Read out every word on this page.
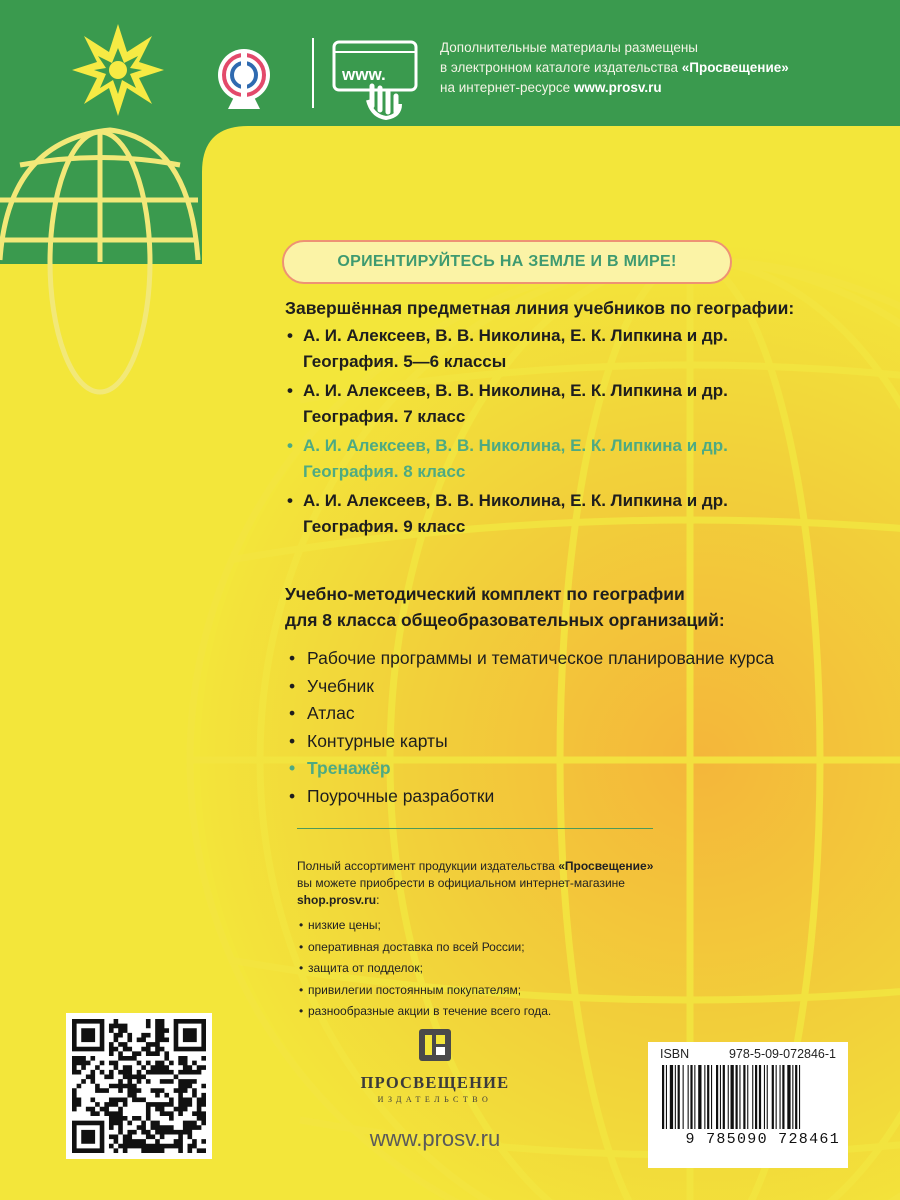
www.
Дополнительные материалы размещены
в электронном каталоге издательства «Просвещение»
на интернет-ресурсе www.prosv.ru
ОРИЕНТИРУЙТЕСЬ НА ЗЕМЛЕ И В МИРЕ!

Завершённая предметная линия учебников по географии:

• А. И. Алексеев, В. В. Николина, Е. К. Липкина и др.
География. 5—6 классы
• А. И. Алексеев, В. В. Николина, Е. К. Липкина и др.
География. 7 класс
• А. И. Алексеев, В. В. Николина, Е. К. Липкина и др.
География. 8 класс
• А. И. Алексеев, В. В. Николина, Е. К. Липкина и др.
География. 9 класс

Учебно-методический комплект по географии
для 8 класса общеобразовательных организаций:

• Рабочие программы и тематическое планирование курса
• Учебник
• Атлас
• Контурные карты
• Тренажёр
• Поурочные разработки
Полный ассортимент продукции издательства «Просвещение»
вы можете приобрести в официальном интернет-магазине
shop.prosv.ru:
• низкие цены;
• оперативная доставка по всей России;
• защита от подделок;
• привилегии постоянным покупателям;
• разнообразные акции в течение всего года.
ПРОСВЕЩЕНИЕ
ИЗДАТЕЛЬСТВО
www.prosv.ru
ISBN	978-5-09-072846-1
9 785090 728461
